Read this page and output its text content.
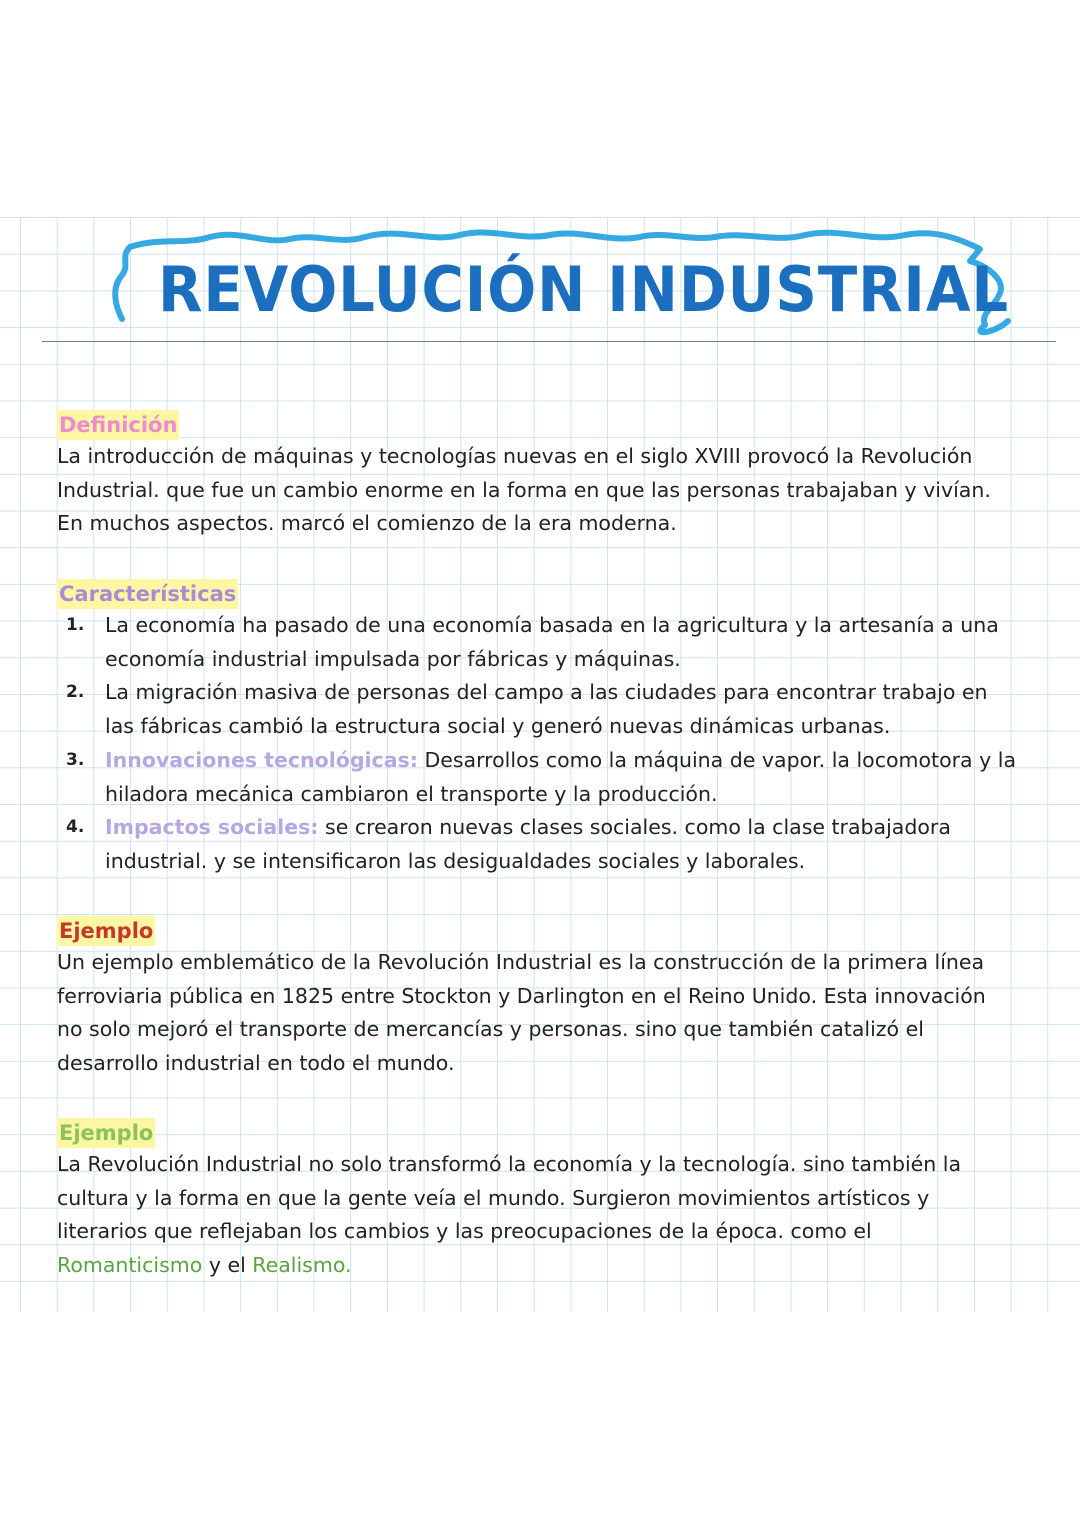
REVOLUCIÓN INDUSTRIAL
Definición

La introducción de máquinas y tecnologías nuevas en el siglo XVIII provocó la Revolución Industrial. que fue un cambio enorme en la forma en que las personas trabajaban y vivían. En muchos aspectos. marcó el comienzo de la era moderna.

Características
1. La economía ha pasado de una economía basada en la agricultura y la artesanía a una economía industrial impulsada por fábricas y máquinas.
2. La migración masiva de personas del campo a las ciudades para encontrar trabajo en las fábricas cambió la estructura social y generó nuevas dinámicas urbanas.
3. Innovaciones tecnológicas: Desarrollos como la máquina de vapor. la locomotora y la hiladora mecánica cambiaron el transporte y la producción.
4. Impactos sociales: se crearon nuevas clases sociales. como la clase trabajadora industrial. y se intensificaron las desigualdades sociales y laborales.
Ejemplo

Un ejemplo emblemático de la Revolución Industrial es la construcción de la primera línea ferroviaria pública en 1825 entre Stockton y Darlington en el Reino Unido. Esta innovación no solo mejoró el transporte de mercancías y personas. sino que también catalizó el desarrollo industrial en todo el mundo.

Ejemplo

La Revolución Industrial no solo transformó la economía y la tecnología. sino también la cultura y la forma en que la gente veía el mundo. Surgieron movimientos artísticos y literarios que reflejaban los cambios y las preocupaciones de la época. como el Romanticismo y el Realismo.
